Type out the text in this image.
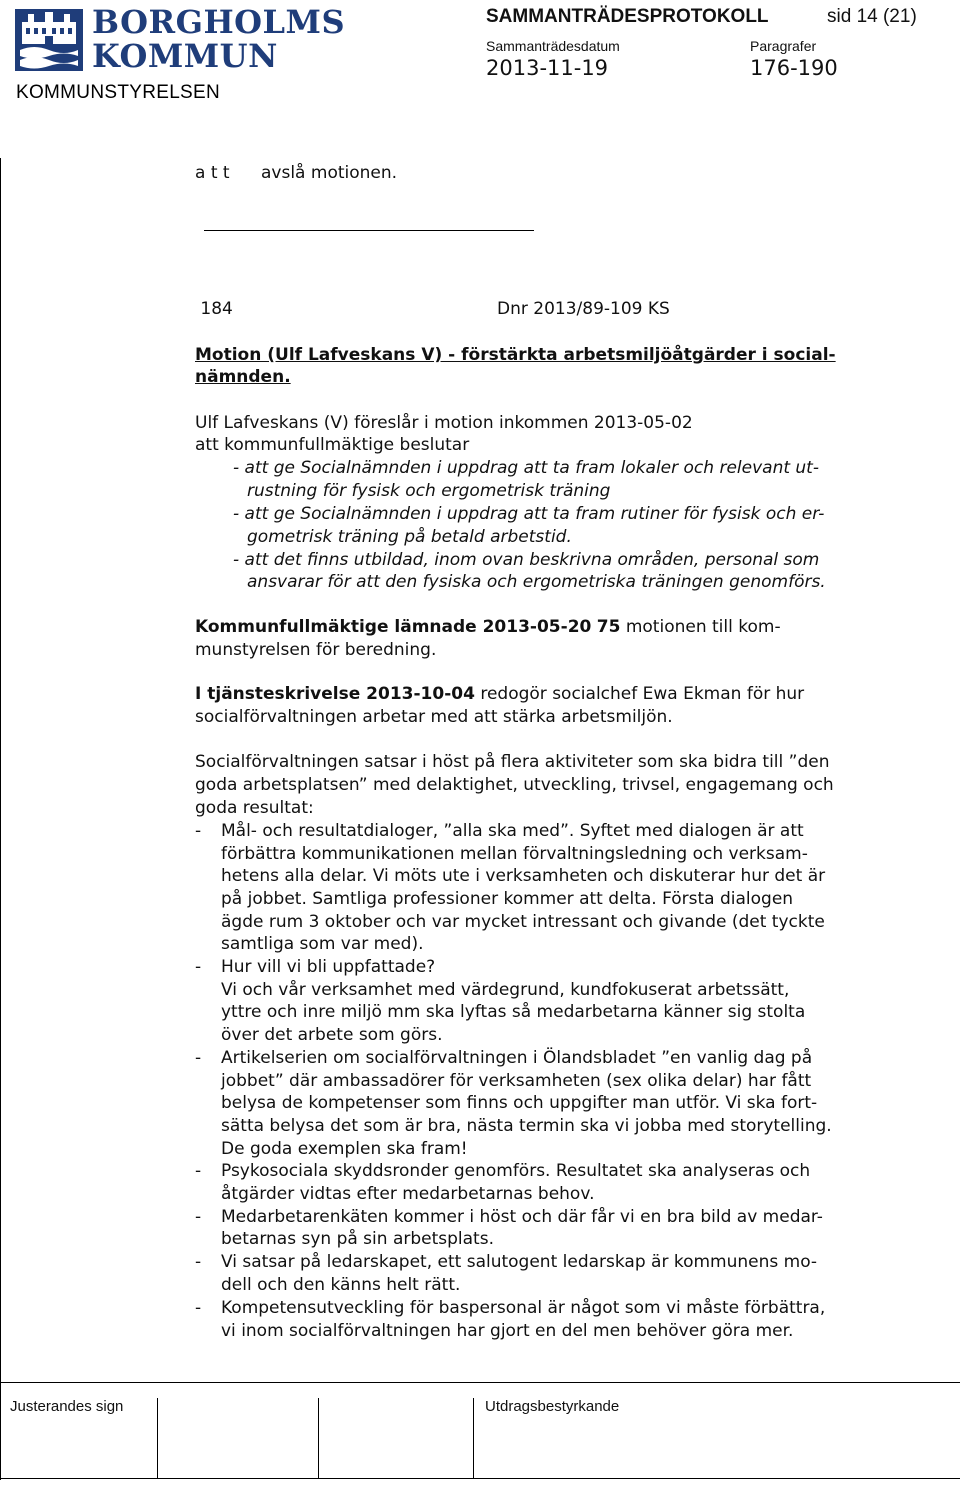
BORGHOLMS
KOMMUN
KOMMUNSTYRELSEN
SAMMANTRÄDESPROTOKOLL	sid 14 (21)
Sammanträdesdatum
2013-11-19
Paragrafer
176-190
a t t avslå motionen.
184	Dnr 2013/89-109 KS
Motion (Ulf Lafveskans V) - förstärkta arbetsmiljöåtgärder i social-
nämnden.
Ulf Lafveskans (V) föreslår i motion inkommen 2013-05-02
att kommunfullmäktige beslutar
- att ge Socialnämnden i uppdrag att ta fram lokaler och relevant ut-
rustning för fysisk och ergometrisk träning
- att ge Socialnämnden i uppdrag att ta fram rutiner för fysisk och er-
gometrisk träning på betald arbetstid.
- att det finns utbildad, inom ovan beskrivna områden, personal som
ansvarar för att den fysiska och ergometriska träningen genomförs.
Kommunfullmäktige lämnade 2013-05-20 75 motionen till kom-
munstyrelsen för beredning.
I tjänsteskrivelse 2013-10-04 redogör socialchef Ewa Ekman för hur
socialförvaltningen arbetar med att stärka arbetsmiljön.
Socialförvaltningen satsar i höst på flera aktiviteter som ska bidra till ”den
goda arbetsplatsen” med delaktighet, utveckling, trivsel, engagemang och
goda resultat:
- Mål- och resultatdialoger, ”alla ska med”. Syftet med dialogen är att
förbättra kommunikationen mellan förvaltningsledning och verksam-
hetens alla delar. Vi möts ute i verksamheten och diskuterar hur det är
på jobbet. Samtliga professioner kommer att delta. Första dialogen
ägde rum 3 oktober och var mycket intressant och givande (det tyckte
samtliga som var med).
- Hur vill vi bli uppfattade?
Vi och vår verksamhet med värdegrund, kundfokuserat arbetssätt,
yttre och inre miljö mm ska lyftas så medarbetarna känner sig stolta
över det arbete som görs.
- Artikelserien om socialförvaltningen i Ölandsbladet ”en vanlig dag på
jobbet” där ambassadörer för verksamheten (sex olika delar) har fått
belysa de kompetenser som finns och uppgifter man utför. Vi ska fort-
sätta belysa det som är bra, nästa termin ska vi jobba med storytelling.
De goda exemplen ska fram!
- Psykosociala skyddsronder genomförs. Resultatet ska analyseras och
åtgärder vidtas efter medarbetarnas behov.
- Medarbetarenkäten kommer i höst och där får vi en bra bild av medar-
betarnas syn på sin arbetsplats.
- Vi satsar på ledarskapet, ett salutogent ledarskap är kommunens mo-
dell och den känns helt rätt.
- Kompetensutveckling för baspersonal är något som vi måste förbättra,
vi inom socialförvaltningen har gjort en del men behöver göra mer.
Justerandes sign	Utdragsbestyrkande
